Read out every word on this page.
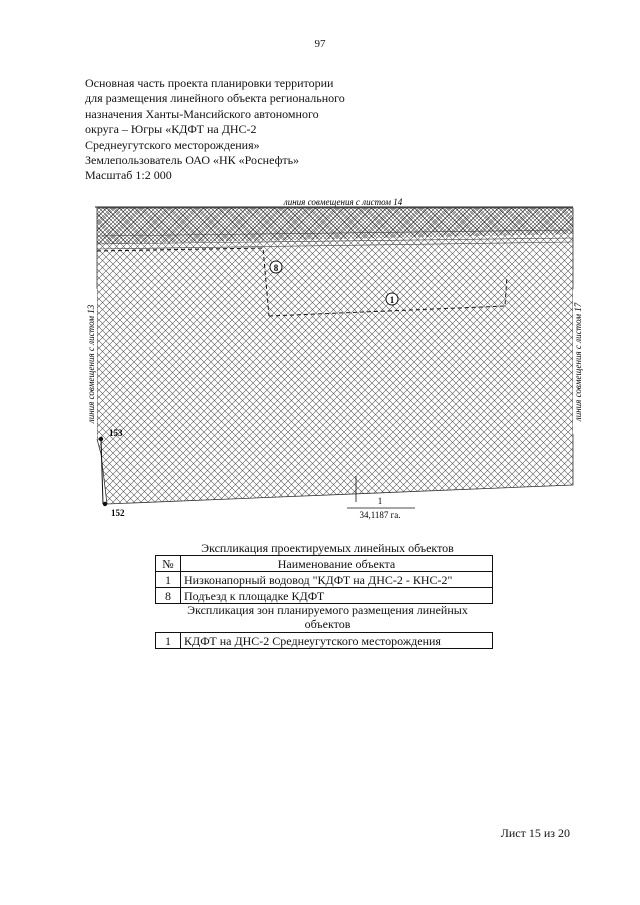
97
Основная часть проекта планировки территории
для размещения линейного объекта регионального
назначения Ханты-Мансийского автономного
округа – Югры «КДФТ на ДНС-2
Среднеугутского месторождения»
Землепользователь ОАО «НК «Роснефть»
Масштаб 1:2 000
линия совмещения с листом 14
8
1
линия совмещения с листом 13	линия совмещения с листом 17
153
152
1
34,1187 га.
Экспликация проектируемых линейных объектов
№	Наименование объекта
1	Низконапорный водовод "КДФТ на ДНС-2 - КНС-2"
8	Подъезд к площадке КДФТ
Экспликация зон планируемого размещения линейных
объектов
1	КДФТ на ДНС-2 Среднеугутского месторождения
Лист 15 из 20
